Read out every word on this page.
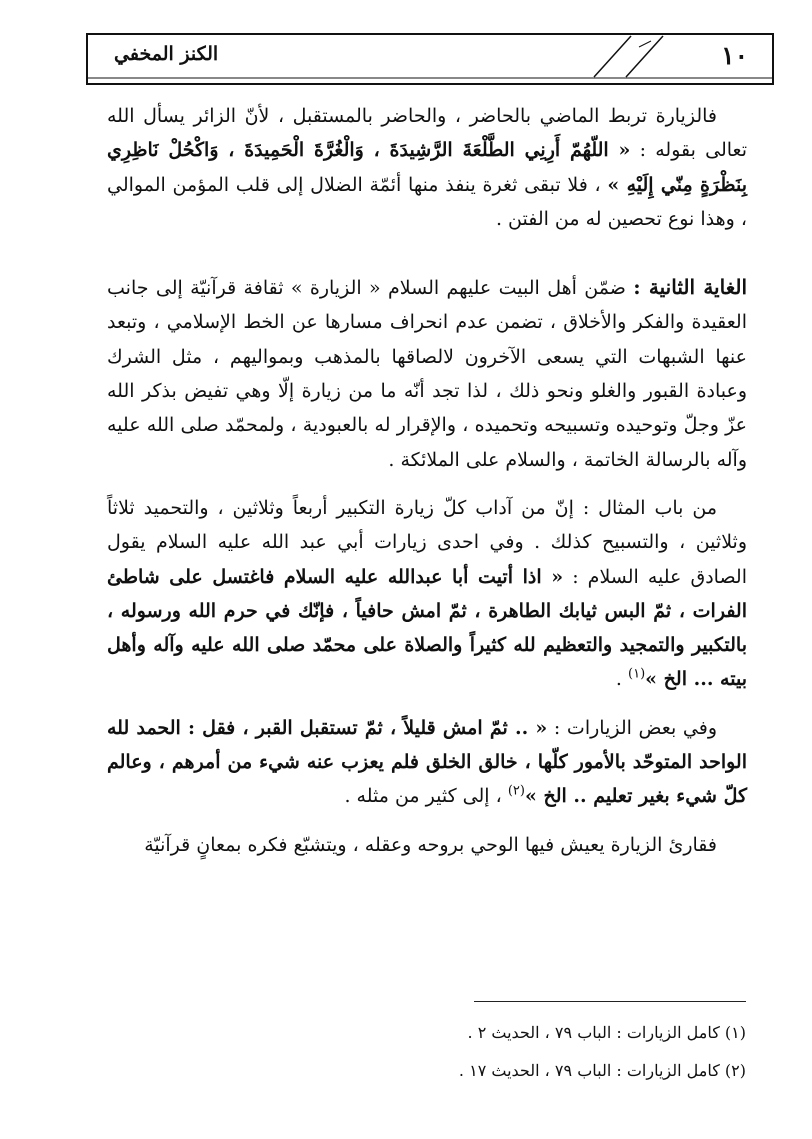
١٠
الكنز المخفي

فالزيارة تربط الماضي بالحاضر ، والحاضر بالمستقبل ، لأنّ الزائر يسأل الله تعالى بقوله : « اللّهُمّ أَرِنِي الطَّلْعَةَ الرَّشِيدَةَ ، وَالْغُرَّةَ الْحَمِيدَةَ ، وَاكْحُلْ نَاظِرِي بِنَظْرَةٍ مِنّي إِلَيْهِ » ، فلا تبقى ثغرة ينفذ منها أئمّة الضلال إلى قلب المؤمن الموالي ، وهذا نوع تحصين له من الفتن .

الغاية الثانية : ضمّن أهل البيت عليهم السلام « الزيارة » ثقافة قرآنيّة إلى جانب العقيدة والفكر والأخلاق ، تضمن عدم انحراف مسارها عن الخط الإسلامي ، وتبعد عنها الشبهات التي يسعى الآخرون لالصاقها بالمذهب وبمواليهم ، مثل الشرك وعبادة القبور والغلو ونحو ذلك ، لذا تجد أنّه ما من زيارة إلّا وهي تفيض بذكر الله عزّ وجلّ وتوحيده وتسبيحه وتحميده ، والإقرار له بالعبودية ، ولمحمّد صلى الله عليه وآله بالرسالة الخاتمة ، والسلام على الملائكة .

من باب المثال : إنّ من آداب كلّ زيارة التكبير أربعاً وثلاثين ، والتحميد ثلاثاً وثلاثين ، والتسبيح كذلك . وفي احدى زيارات أبي عبد الله عليه السلام يقول الصادق عليه السلام : « اذا أتيت أبا عبدالله عليه السلام فاغتسل على شاطئ الفرات ، ثمّ البس ثيابك الطاهرة ، ثمّ امش حافياً ، فإنّك في حرم الله ورسوله ، بالتكبير والتمجيد والتعظيم لله كثيراً والصلاة على محمّد صلى الله عليه وآله وأهل بيته ... الخ »$^{(١)}$ .

وفي بعض الزيارات : « .. ثمّ امش قليلاً ، ثمّ تستقبل القبر ، فقل : الحمد لله الواحد المتوحّد بالأمور كلّها ، خالق الخلق فلم يعزب عنه شيء من أمرهم ، وعالم كلّ شيء بغير تعليم .. الخ »$^{(٢)}$ ، إلى كثير من مثله .

فقارئ الزيارة يعيش فيها الوحي بروحه وعقله ، ويتشبّع فكره بمعانٍ قرآنيّة

(١) كامل الزيارات : الباب ٧٩ ، الحديث ٢ .
(٢) كامل الزيارات : الباب ٧٩ ، الحديث ١٧ .
